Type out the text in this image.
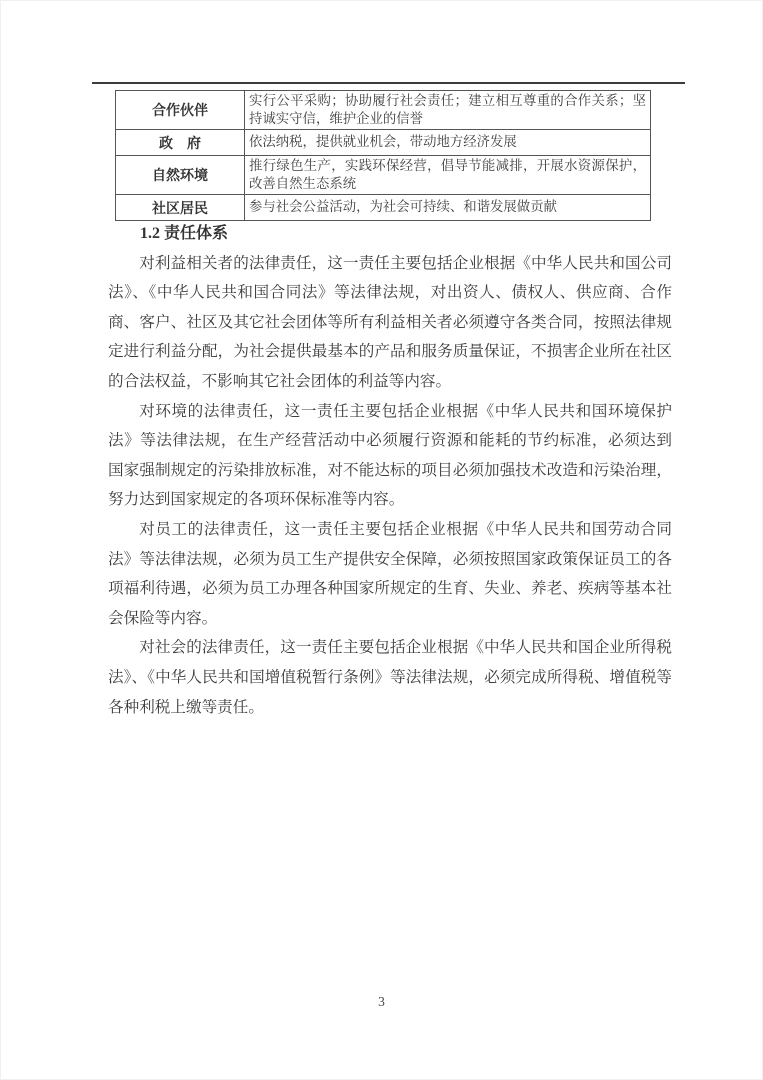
合作伙伴	实行公平采购；协助履行社会责任；建立相互尊重的合作关系；坚持诚实守信，维护企业的信誉
政　府	依法纳税，提供就业机会，带动地方经济发展
自然环境	推行绿色生产，实践环保经营，倡导节能减排，开展水资源保护，改善自然生态系统
社区居民	参与社会公益活动，为社会可持续、和谐发展做贡献
1.2 责任体系

对利益相关者的法律责任，这一责任主要包括企业根据《中华人民共和国公司法》、《中华人民共和国合同法》等法律法规，对出资人、债权人、供应商、合作商、客户、社区及其它社会团体等所有利益相关者必须遵守各类合同，按照法律规定进行利益分配，为社会提供最基本的产品和服务质量保证，不损害企业所在社区的合法权益，不影响其它社会团体的利益等内容。

对环境的法律责任，这一责任主要包括企业根据《中华人民共和国环境保护法》等法律法规，在生产经营活动中必须履行资源和能耗的节约标准，必须达到 国家强制规定的污染排放标准，对不能达标的项目必须加强技术改造和污染治理， 努力达到国家规定的各项环保标准等内容。

对员工的法律责任，这一责任主要包括企业根据《中华人民共和国劳动合同法》等法律法规，必须为员工生产提供安全保障，必须按照国家政策保证员工的各项福利待遇，必须为员工办理各种国家所规定的生育、失业、养老、疾病等基本社会保险等内容。

对社会的法律责任，这一责任主要包括企业根据《中华人民共和国企业所得税法》、《中华人民共和国增值税暂行条例》等法律法规，必须完成所得税、增值税等各种利税上缴等责任。

3
